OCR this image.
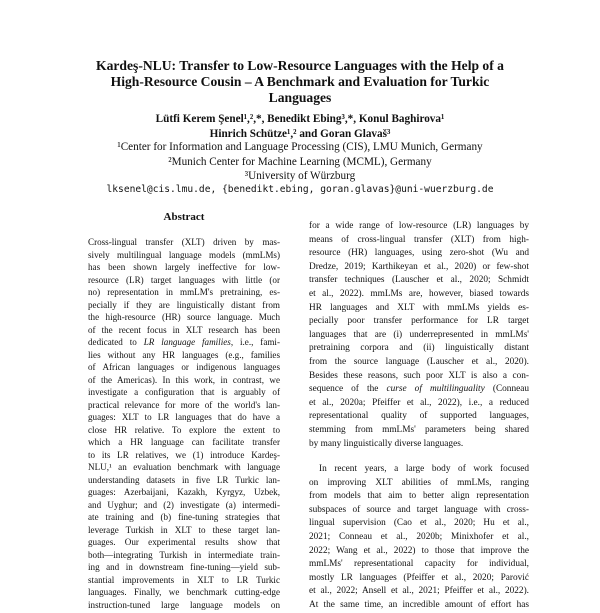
Kardeş-NLU: Transfer to Low-Resource Languages with the Help of a
High-Resource Cousin – A Benchmark and Evaluation for Turkic
Languages
Lütfi Kerem Şenel¹,²,*, Benedikt Ebing³,*, Konul Baghirova¹
Hinrich Schütze¹,² and Goran Glavaš³
¹Center for Information and Language Processing (CIS), LMU Munich, Germany
²Munich Center for Machine Learning (MCML), Germany
³University of Würzburg
lksenel@cis.lmu.de, {benedikt.ebing, goran.glavas}@uni-wuerzburg.de
Abstract
Cross-lingual transfer (XLT) driven by mas-
sively multilingual language models (mmLMs)
has been shown largely ineffective for low-
resource (LR) target languages with little (or
no) representation in mmLM's pretraining, es-
pecially if they are linguistically distant from
the high-resource (HR) source language. Much
of the recent focus in XLT research has been
dedicated to LR language families, i.e., fami-
lies without any HR languages (e.g., families
of African languages or indigenous languages
of the Americas). In this work, in contrast, we
investigate a configuration that is arguably of
practical relevance for more of the world's lan-
guages: XLT to LR languages that do have a
close HR relative. To explore the extent to
which a HR language can facilitate transfer
to its LR relatives, we (1) introduce Kardeş-
NLU,¹ an evaluation benchmark with language
understanding datasets in five LR Turkic lan-
guages: Azerbaijani, Kazakh, Kyrgyz, Uzbek,
and Uyghur; and (2) investigate (a) intermedi-
ate training and (b) fine-tuning strategies that
leverage Turkish in XLT to these target lan-
guages. Our experimental results show that
both—integrating Turkish in intermediate train-
ing and in downstream fine-tuning—yield sub-
stantial improvements in XLT to LR Turkic
languages. Finally, we benchmark cutting-edge
instruction-tuned large language models on
for a wide range of low-resource (LR) languages by
means of cross-lingual transfer (XLT) from high-
resource (HR) languages, using zero-shot (Wu and
Dredze, 2019; Karthikeyan et al., 2020) or few-shot
transfer techniques (Lauscher et al., 2020; Schmidt
et al., 2022). mmLMs are, however, biased towards
HR languages and XLT with mmLMs yields es-
pecially poor transfer performance for LR target
languages that are (i) underrepresented in mmLMs'
pretraining corpora and (ii) linguistically distant
from the source language (Lauscher et al., 2020).
Besides these reasons, such poor XLT is also a con-
sequence of the curse of multilinguality (Conneau
et al., 2020a; Pfeiffer et al., 2022), i.e., a reduced
representational quality of supported languages,
stemming from mmLMs' parameters being shared
by many linguistically diverse languages.
In recent years, a large body of work focused
on improving XLT abilities of mmLMs, ranging
from models that aim to better align representation
subspaces of source and target language with cross-
lingual supervision (Cao et al., 2020; Hu et al.,
2021; Conneau et al., 2020b; Minixhofer et al.,
2022; Wang et al., 2022) to those that improve the
mmLMs' representational capacity for individual,
mostly LR languages (Pfeiffer et al., 2020; Parović
et al., 2022; Ansell et al., 2021; Pfeiffer et al., 2022).
At the same time, an incredible amount of effort has
